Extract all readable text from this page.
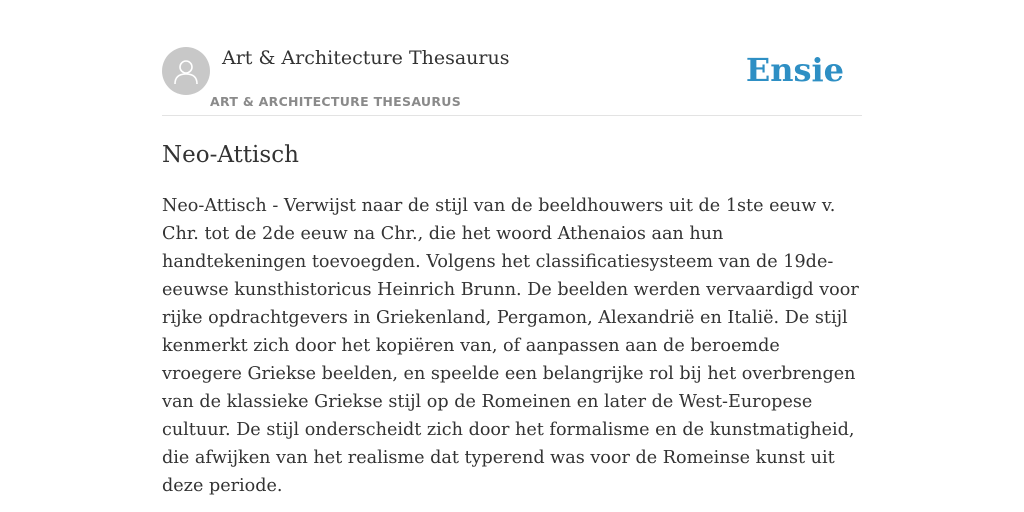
Art & Architecture Thesaurus
ART & ARCHITECTURE THESAURUS
Ensie
Neo-Attisch

Neo-Attisch - Verwijst naar de stijl van de beeldhouwers uit de 1ste eeuw v. Chr. tot de 2de eeuw na Chr., die het woord Athenaios aan hun handtekeningen toevoegden. Volgens het classificatiesysteem van de 19de-eeuwse kunsthistoricus Heinrich Brunn. De beelden werden vervaardigd voor rijke opdrachtgevers in Griekenland, Pergamon, Alexandrië en Italië. De stijl kenmerkt zich door het kopiëren van, of aanpassen aan de beroemde vroegere Griekse beelden, en speelde een belangrijke rol bij het overbrengen van de klassieke Griekse stijl op de Romeinen en later de West-Europese cultuur. De stijl onderscheidt zich door het formalisme en de kunstmatigheid, die afwijken van het realisme dat typerend was voor de Romeinse kunst uit deze periode.
